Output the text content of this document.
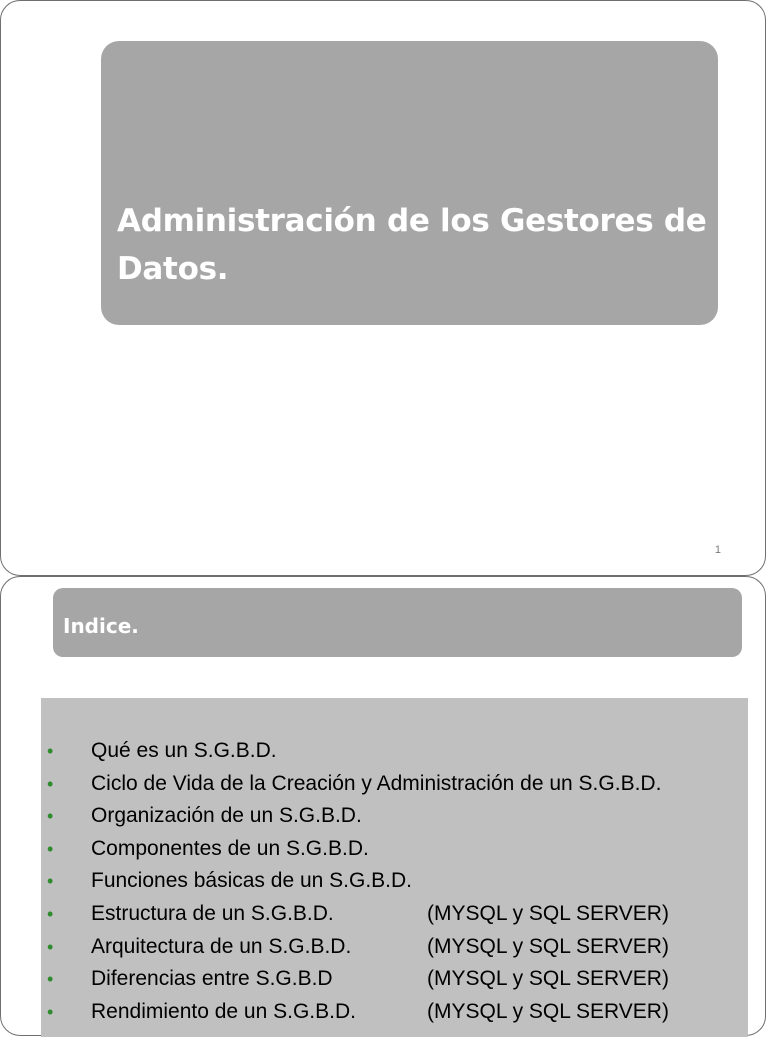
Administración de los Gestores de
Datos.
1
Indice.
• Qué es un S.G.B.D.
• Ciclo de Vida de la Creación y Administración de un S.G.B.D.
• Organización de un S.G.B.D.
• Componentes de un S.G.B.D.
• Funciones básicas de un S.G.B.D.
• Estructura de un S.G.B.D.	(MYSQL y SQL SERVER)
• Arquitectura de un S.G.B.D.	(MYSQL y SQL SERVER)
• Diferencias entre S.G.B.D	(MYSQL y SQL SERVER)
• Rendimiento de un S.G.B.D.	(MYSQL y SQL SERVER)
